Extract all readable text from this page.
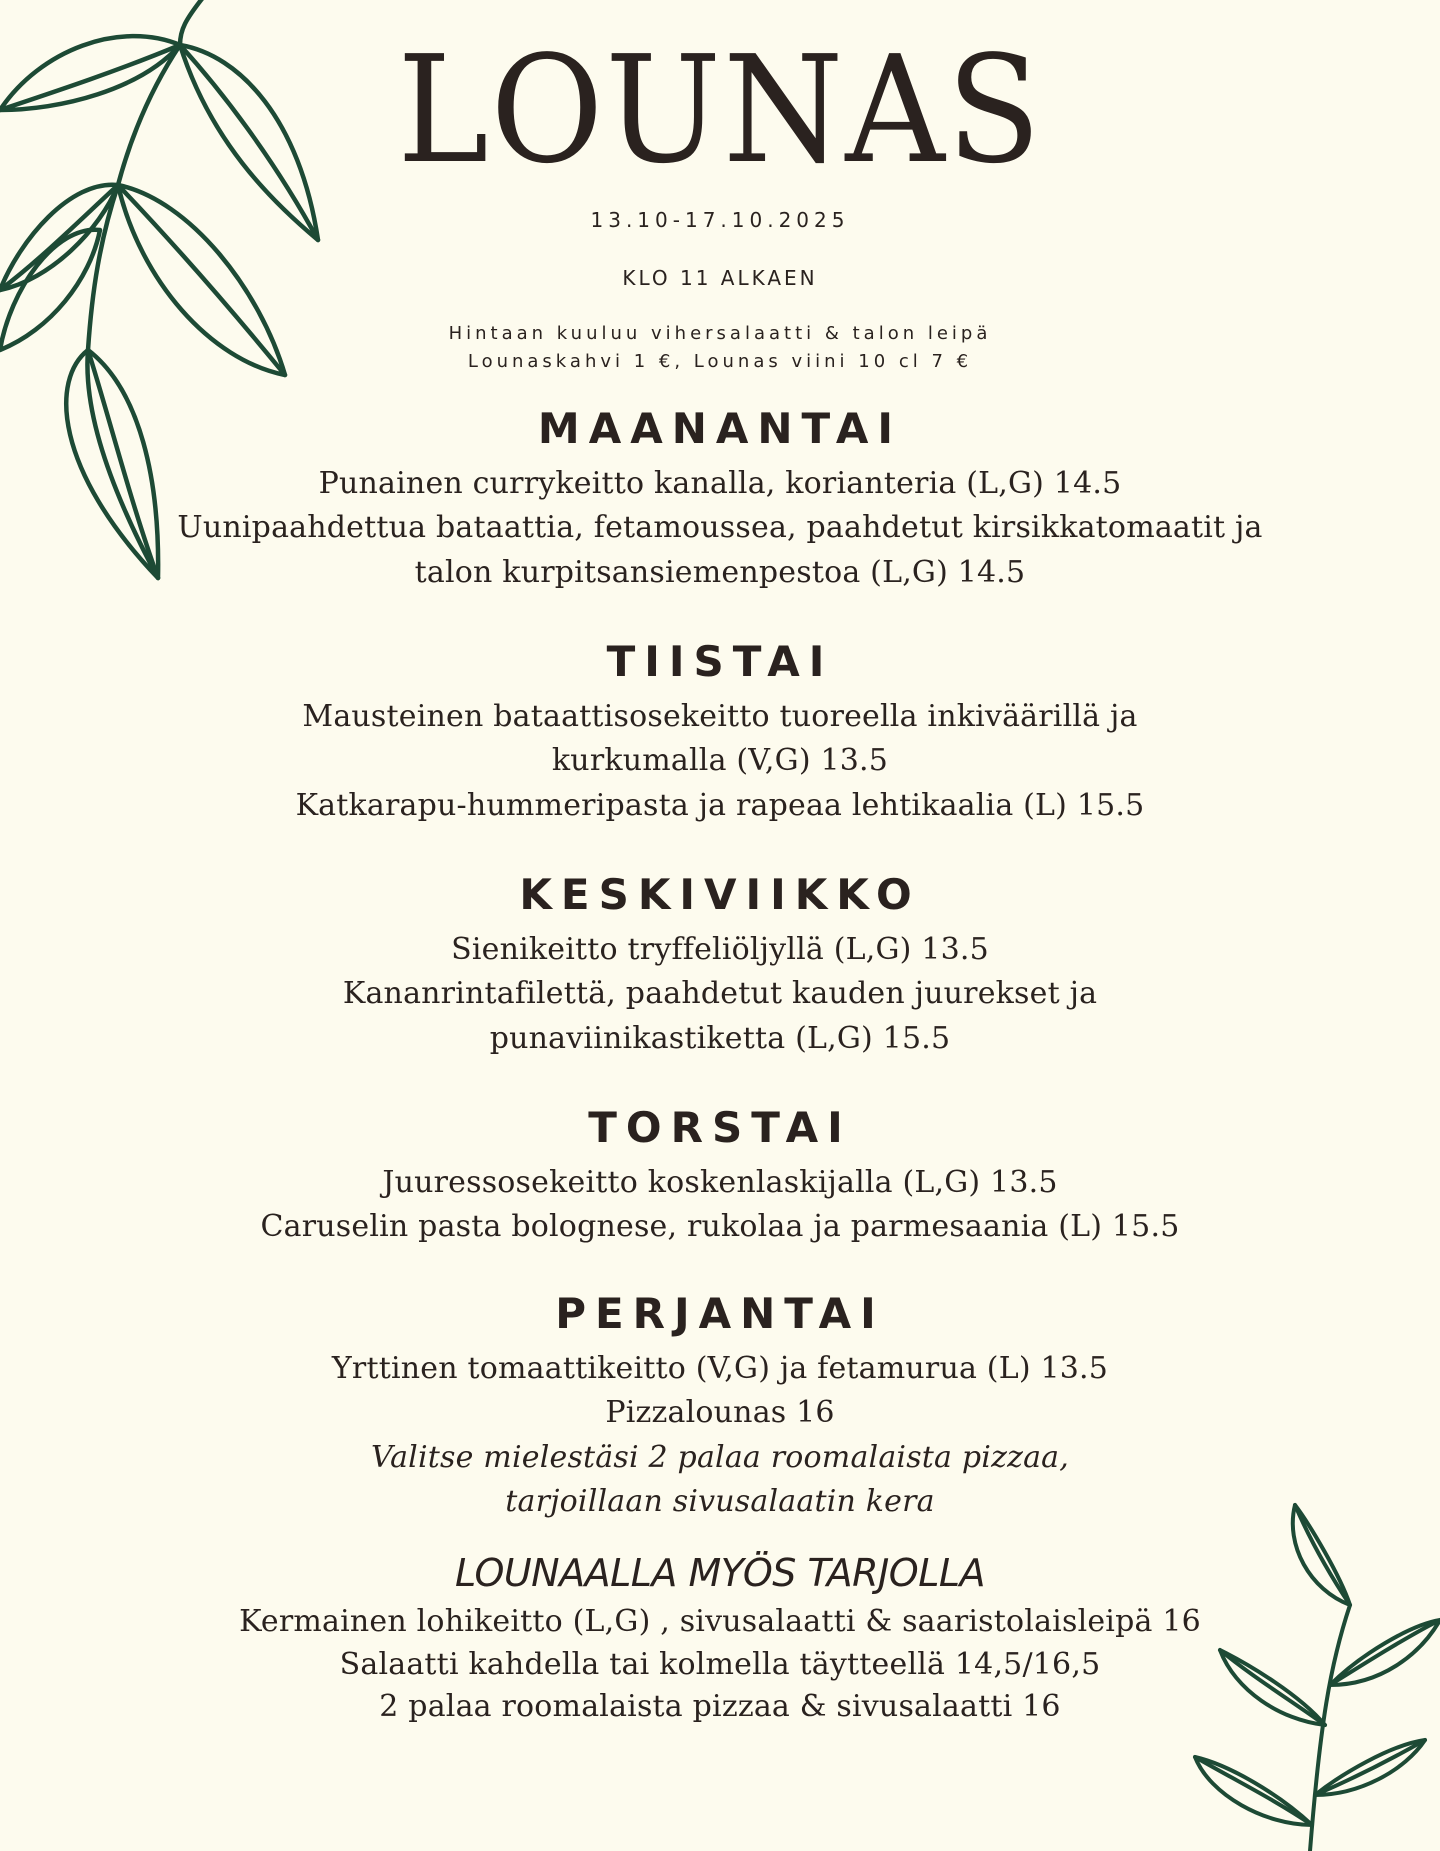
LOUNAS
13.10-17.10.2025
KLO 11 ALKAEN
Hintaan kuuluu vihersalaatti & talon leipä
Lounaskahvi 1 €, Lounas viini 10 cl 7 €
MAANANTAI
Punainen currykeitto kanalla, korianteria (L,G) 14.5
Uunipaahdettua bataattia, fetamoussea, paahdetut kirsikkatomaatit ja
talon kurpitsansiemenpestoa (L,G) 14.5
TIISTAI
Mausteinen bataattisosekeitto tuoreella inkiväärillä ja
kurkumalla (V,G) 13.5
Katkarapu-hummeripasta ja rapeaa lehtikaalia (L) 15.5
KESKIVIIKKO
Sienikeitto tryffeliöljyllä (L,G) 13.5
Kananrintafilettä, paahdetut kauden juurekset ja
punaviinikastiketta (L,G) 15.5
TORSTAI
Juuressosekeitto koskenlaskijalla (L,G) 13.5
Caruselin pasta bolognese, rukolaa ja parmesaania (L) 15.5
PERJANTAI
Yrttinen tomaattikeitto (V,G) ja fetamurua (L) 13.5
Pizzalounas 16
Valitse mielestäsi 2 palaa roomalaista pizzaa,
tarjoillaan sivusalaatin kera
LOUNAALLA MYÖS TARJOLLA
Kermainen lohikeitto (L,G) , sivusalaatti & saaristolaisleipä 16
Salaatti kahdella tai kolmella täytteellä 14,5/16,5
2 palaa roomalaista pizzaa & sivusalaatti 16
